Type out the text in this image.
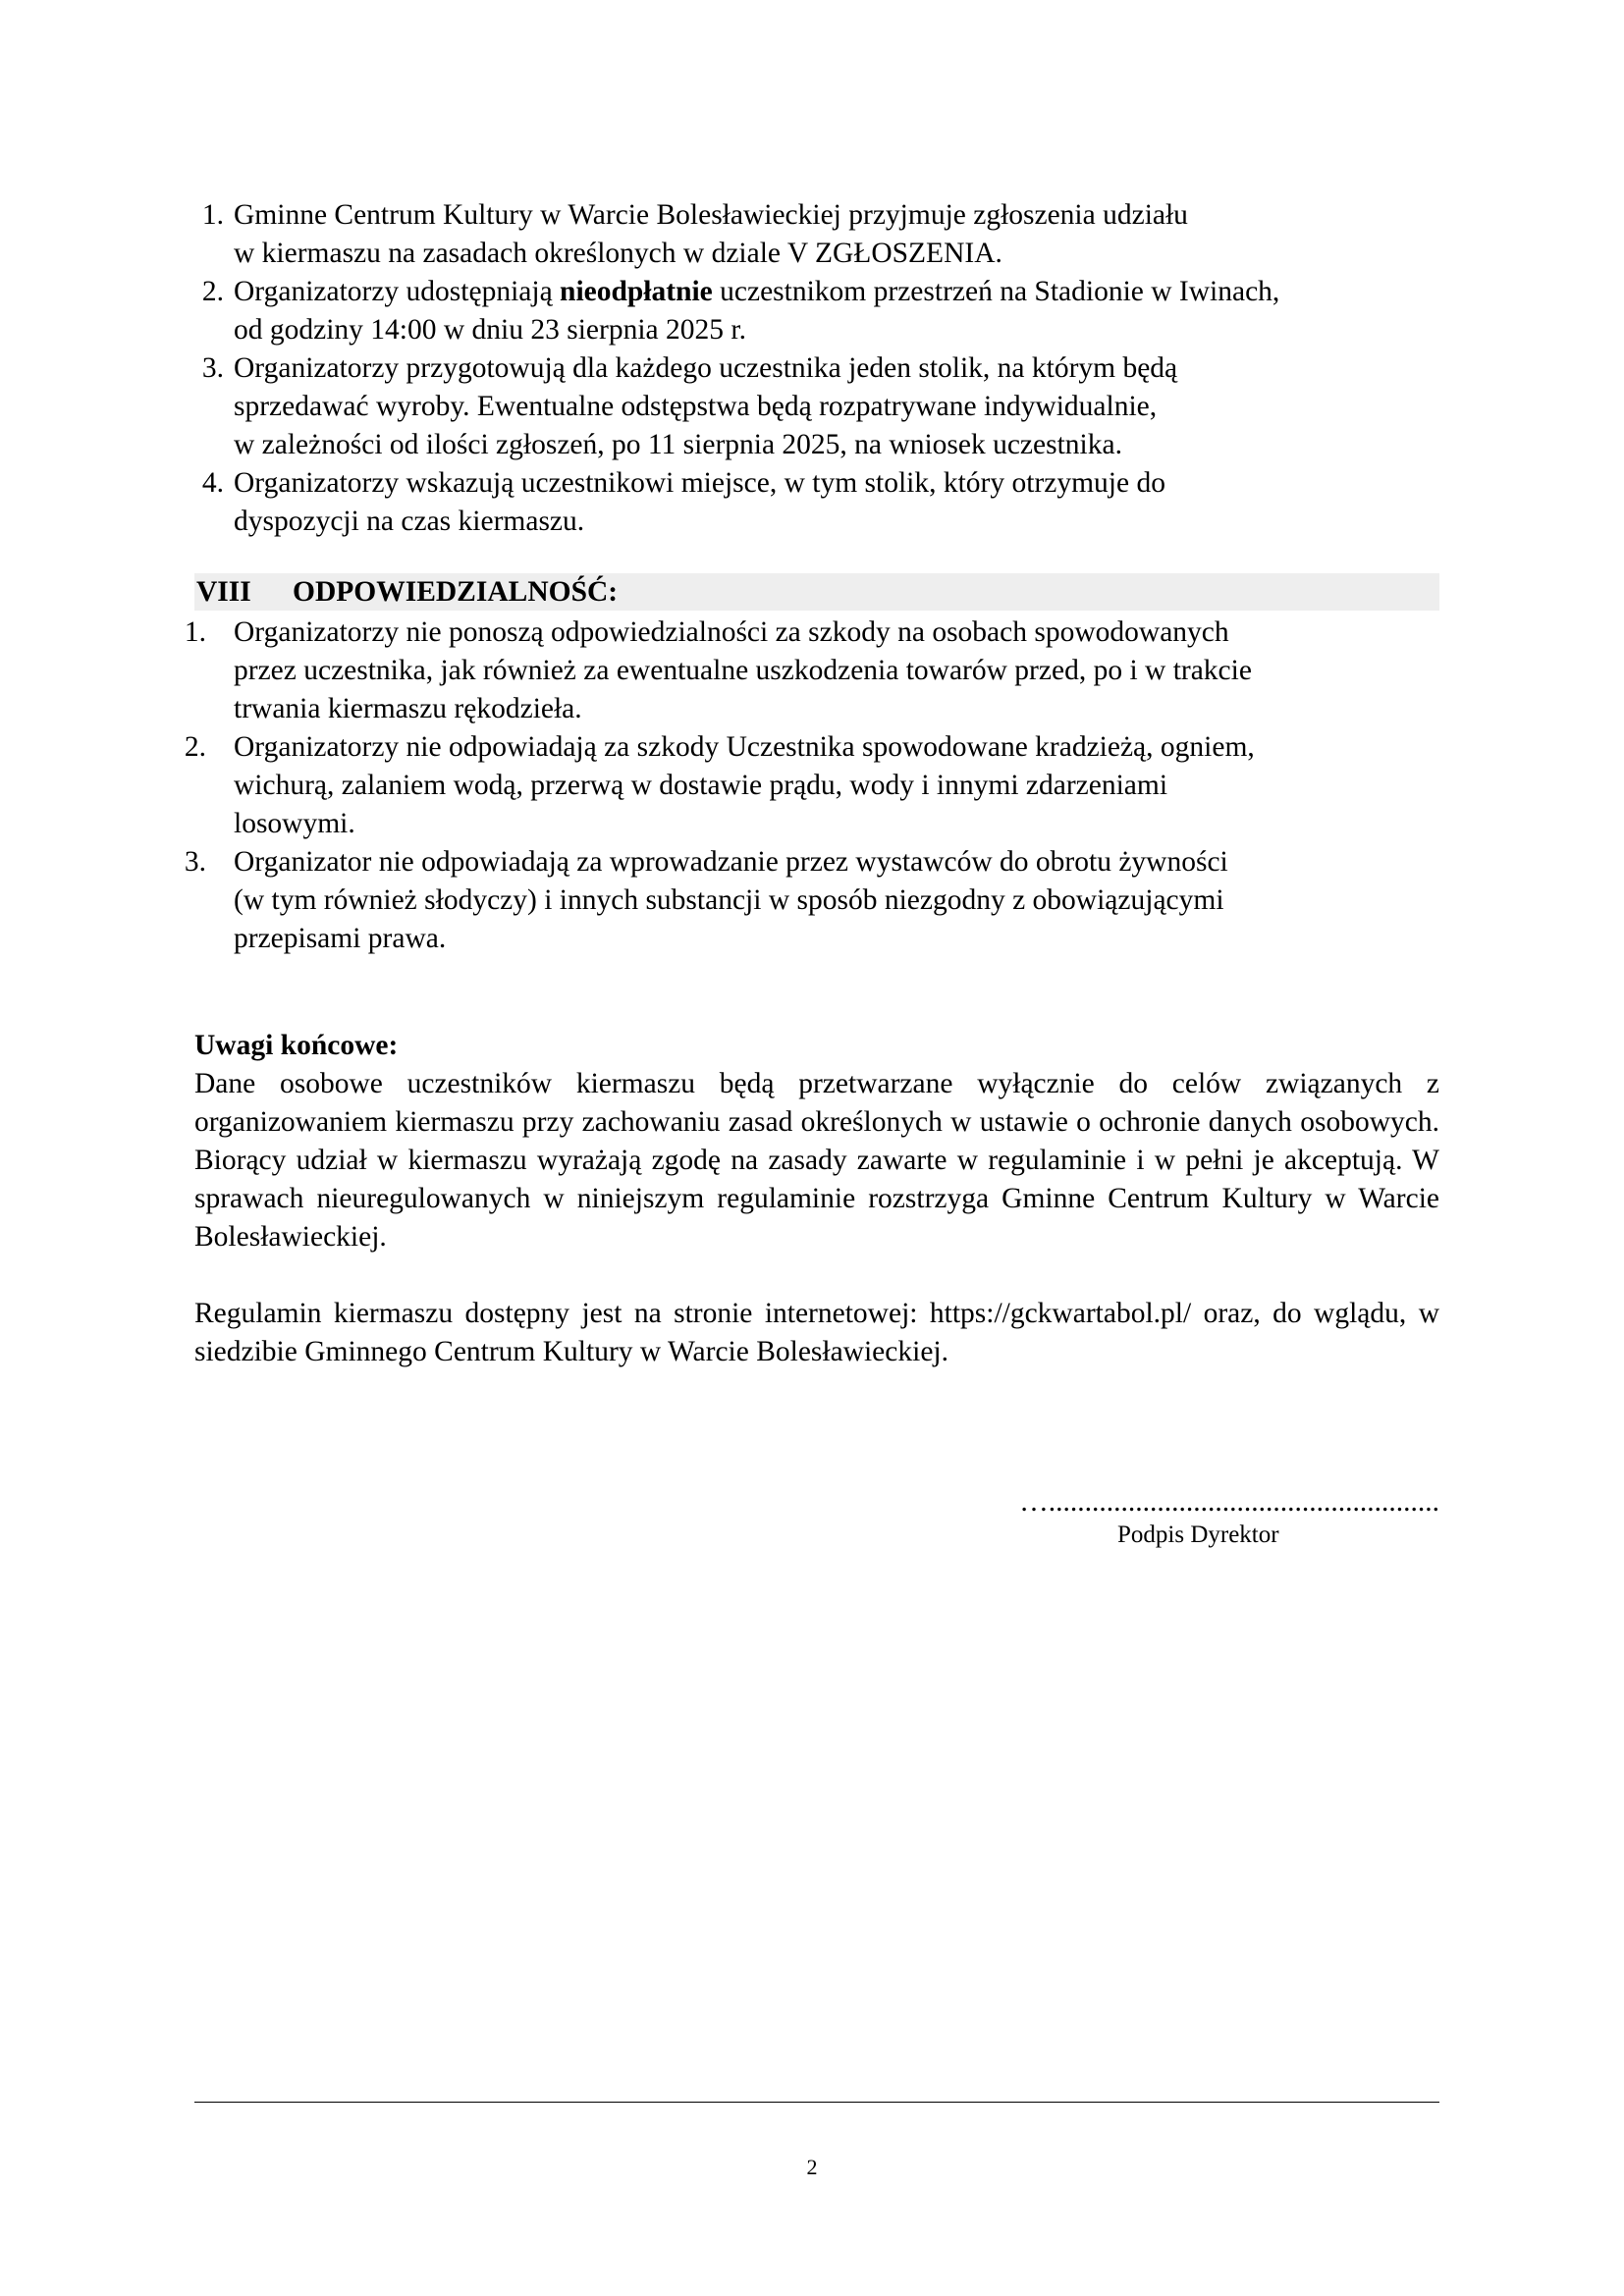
1. Gminne Centrum Kultury w Warcie Bolesławieckiej przyjmuje zgłoszenia udziału
w kiermaszu na zasadach określonych w dziale V ZGŁOSZENIA.
2. Organizatorzy udostępniają nieodpłatnie uczestnikom przestrzeń na Stadionie w Iwinach,
od godziny 14:00 w dniu 23 sierpnia 2025 r.
3. Organizatorzy przygotowują dla każdego uczestnika jeden stolik, na którym będą
sprzedawać wyroby. Ewentualne odstępstwa będą rozpatrywane indywidualnie,
w zależności od ilości zgłoszeń, po 11 sierpnia 2025, na wniosek uczestnika.
4. Organizatorzy wskazują uczestnikowi miejsce, w tym stolik, który otrzymuje do
dyspozycji na czas kiermaszu.
VIII ODPOWIEDZIALNOŚĆ:
1. Organizatorzy nie ponoszą odpowiedzialności za szkody na osobach spowodowanych
przez uczestnika, jak również za ewentualne uszkodzenia towarów przed, po i w trakcie
trwania kiermaszu rękodzieła.
2. Organizatorzy nie odpowiadają za szkody Uczestnika spowodowane kradzieżą, ogniem,
wichurą, zalaniem wodą, przerwą w dostawie prądu, wody i innymi zdarzeniami
losowymi.
3. Organizator nie odpowiadają za wprowadzanie przez wystawców do obrotu żywności
(w tym również słodyczy) i innych substancji w sposób niezgodny z obowiązującymi
przepisami prawa.
Uwagi końcowe:

Dane osobowe uczestników kiermaszu będą przetwarzane wyłącznie do celów związanych z organizowaniem kiermaszu przy zachowaniu zasad określonych w ustawie o ochronie danych osobowych. Biorący udział w kiermaszu wyrażają zgodę na zasady zawarte w regulaminie i w pełni je akceptują. W sprawach nieuregulowanych w niniejszym regulaminie rozstrzyga Gminne Centrum Kultury w Warcie Bolesławieckiej.

Regulamin kiermaszu dostępny jest na stronie internetowej: https://gckwartabol.pl/ oraz, do wglądu, w siedzibie Gminnego Centrum Kultury w Warcie Bolesławieckiej.

…......................................................
Podpis Dyrektor
2
